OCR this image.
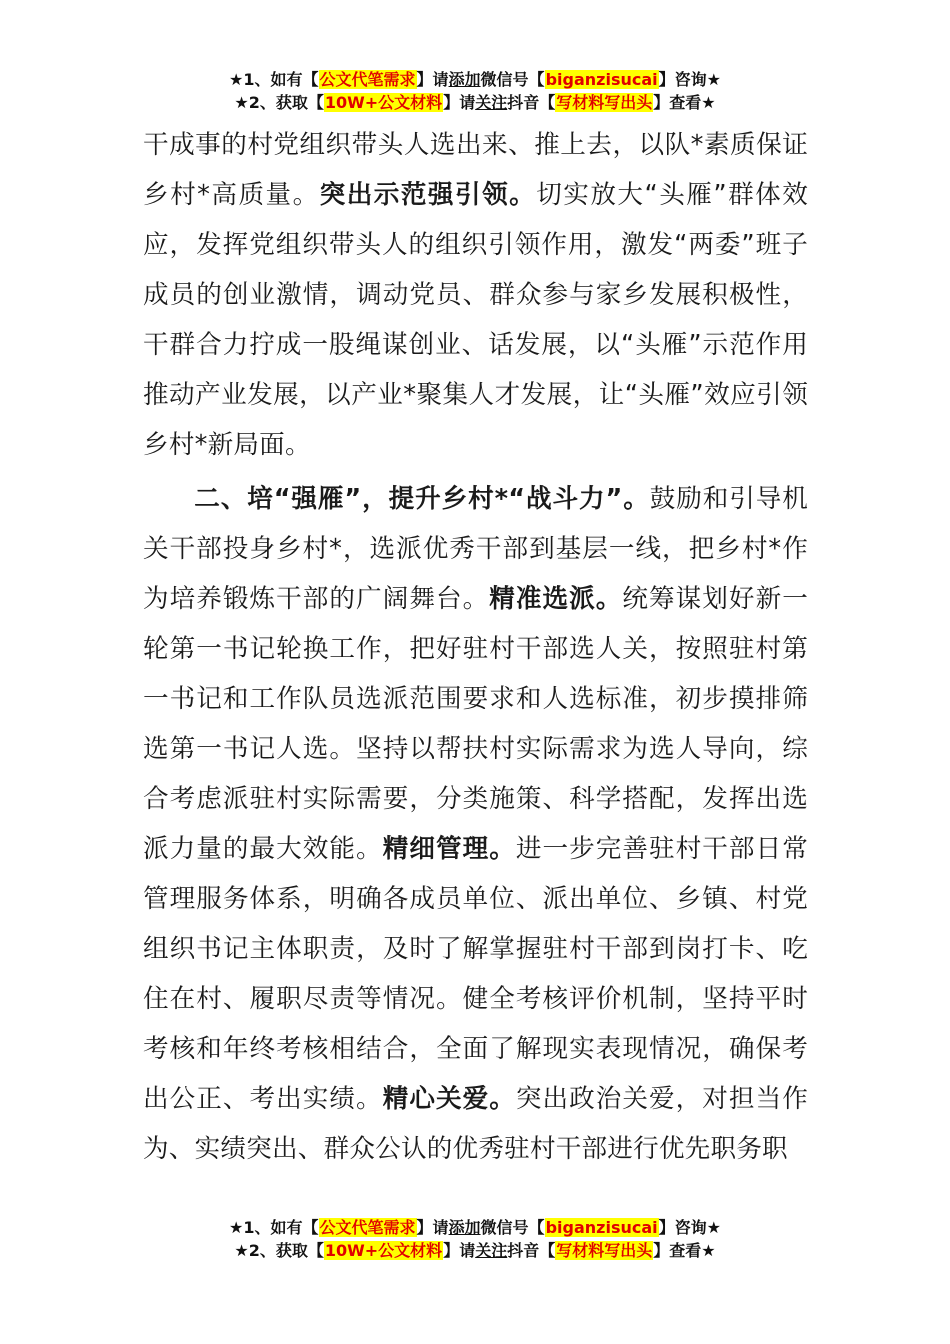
★1、如有【公文代笔需求】请添加微信号【biganzisucai】咨询★
★2、获取【10W+公文材料】请关注抖音【写材料写出头】查看★

干成事的村党组织带头人选出来、推上去，以队*素质保证乡村*高质量。突出示范强引领。切实放大“头雁”群体效应，发挥党组织带头人的组织引领作用，激发“两委”班子成员的创业激情，调动党员、群众参与家乡发展积极性，干群合力拧成一股绳谋创业、话发展，以“头雁”示范作用推动产业发展，以产业*聚集人才发展，让“头雁”效应引领乡村*新局面。

二、培“强雁”，提升乡村*“战斗力”。鼓励和引导机关干部投身乡村*，选派优秀干部到基层一线，把乡村*作为培养锻炼干部的广阔舞台。精准选派。统筹谋划好新一轮第一书记轮换工作，把好驻村干部选人关，按照驻村第一书记和工作队员选派范围要求和人选标准，初步摸排筛选第一书记人选。坚持以帮扶村实际需求为选人导向，综合考虑派驻村实际需要，分类施策、科学搭配，发挥出选派力量的最大效能。精细管理。进一步完善驻村干部日常管理服务体系，明确各成员单位、派出单位、乡镇、村党组织书记主体职责，及时了解掌握驻村干部到岗打卡、吃住在村、履职尽责等情况。健全考核评价机制，坚持平时考核和年终考核相结合，全面了解现实表现情况，确保考出公正、考出实绩。精心关爱。突出政治关爱，对担当作为、实绩突出、群众公认的优秀驻村干部进行优先职务职

★1、如有【公文代笔需求】请添加微信号【biganzisucai】咨询★
★2、获取【10W+公文材料】请关注抖音【写材料写出头】查看★
